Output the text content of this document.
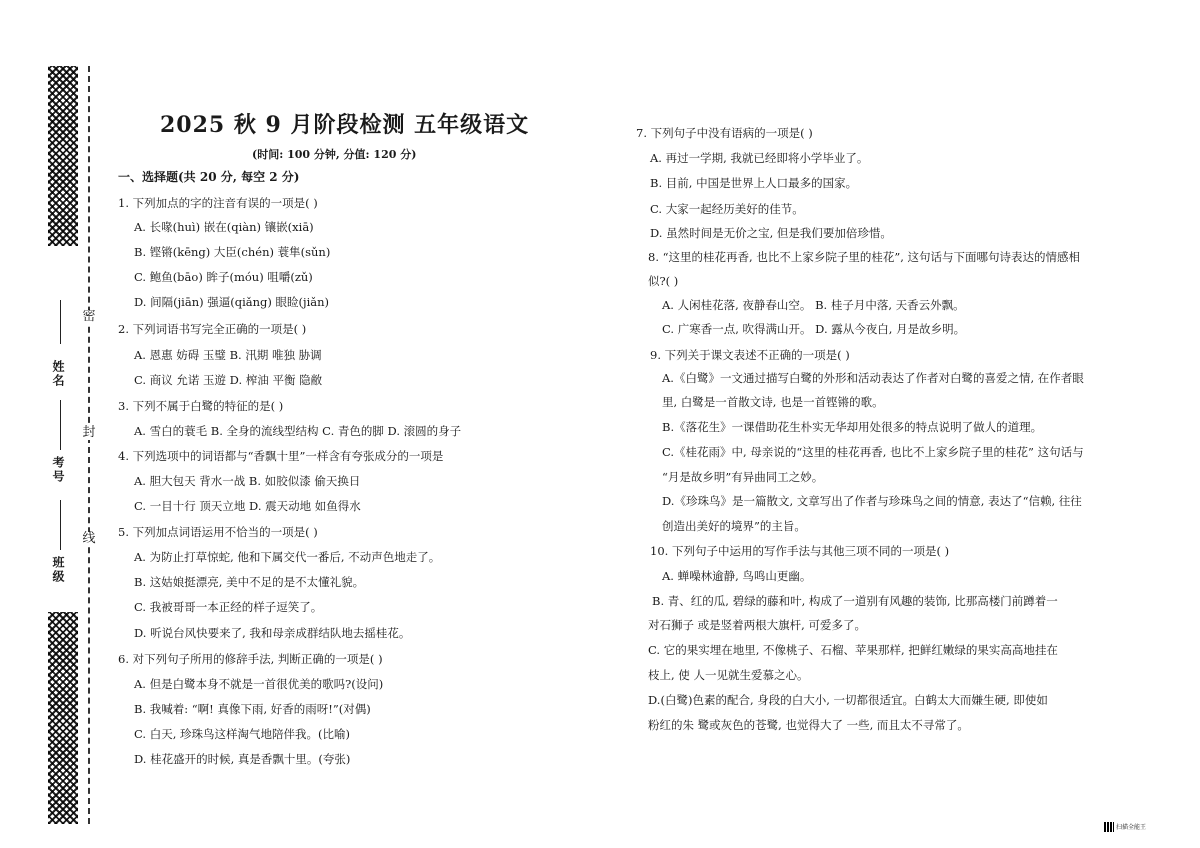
密
封
线
姓名
考号
班级
2025 秋 9 月阶段检测 五年级语文
(时间: 100 分钟, 分值: 120 分)
一、选择题(共 20 分, 每空 2 分)
1. 下列加点的字的注音有误的一项是( )
A. 长喙(huì) 嵌在(qiàn) 镶嵌(xiā)
B. 铿锵(kēng) 大臣(chén) 蓑隼(sǔn)
C. 鲍鱼(bāo) 眸子(móu) 咀嚼(zǔ)
D. 间隔(jiān) 强逼(qiǎng) 眼睑(jiǎn)
2. 下列词语书写完全正确的一项是( )
A. 恩惠 妨碍 玉璧 B. 汛期 唯独 胁调
C. 商议 允诺 玉遊 D. 榨油 平衡 隐敝
3. 下列不属于白鹭的特征的是( )
A. 雪白的蓑毛 B. 全身的流线型结构 C. 青色的脚 D. 滚圆的身子
4. 下列选项中的词语都与“香飘十里”一样含有夸张成分的一项是
A. 胆大包天 背水一战 B. 如胶似漆 偷天换日
C. 一目十行 顶天立地 D. 震天动地 如鱼得水
5. 下列加点词语运用不恰当的一项是( )
A. 为防止打草惊蛇, 他和下属交代一番后, 不动声色地走了。
B. 这姑娘挺漂亮, 美中不足的是不太懂礼貌。
C. 我被哥哥一本正经的样子逗笑了。
D. 听说台风快要来了, 我和母亲成群结队地去摇桂花。
6. 对下列句子所用的修辞手法, 判断正确的一项是( )
A. 但是白鹭本身不就是一首很优美的歌吗?(设问)
B. 我喊着: “啊! 真像下雨, 好香的雨呀!”(对偶)
C. 白天, 珍珠鸟这样淘气地陪伴我。(比喻)
D. 桂花盛开的时候, 真是香飘十里。(夸张)
7. 下列句子中没有语病的一项是( )
A. 再过一学期, 我就已经即将小学毕业了。
B. 目前, 中国是世界上人口最多的国家。
C. 大家一起经历美好的佳节。
D. 虽然时间是无价之宝, 但是我们要加倍珍惜。
8. “这里的桂花再香, 也比不上家乡院子里的桂花”, 这句话与下面哪句诗表达的情感相
似?( )
A. 人闲桂花落, 夜静春山空。 B. 桂子月中落, 天香云外飘。
C. 广寒香一点, 吹得满山开。 D. 露从今夜白, 月是故乡明。
9. 下列关于课文表述不正确的一项是( )
A.《白鹭》一文通过描写白鹭的外形和活动表达了作者对白鹭的喜爱之情, 在作者眼
里, 白鹭是一首散文诗, 也是一首铿锵的歌。
B.《落花生》一课借助花生朴实无华却用处很多的特点说明了做人的道理。
C.《桂花雨》中, 母亲说的“这里的桂花再香, 也比不上家乡院子里的桂花” 这句话与
“月是故乡明”有异曲同工之妙。
D.《珍珠鸟》是一篇散文, 文章写出了作者与珍珠鸟之间的情意, 表达了“信赖, 往往
创造出美好的境界”的主旨。
10. 下列句子中运用的写作手法与其他三项不同的一项是( )
A. 蝉噪林逾静, 鸟鸣山更幽。
B. 青、红的瓜, 碧绿的藤和叶, 构成了一道别有风趣的装饰, 比那高楼门前蹲着一
对石狮子 或是竖着两根大旗杆, 可爱多了。
C. 它的果实埋在地里, 不像桃子、石榴、苹果那样, 把鲜红嫩绿的果实高高地挂在
枝上, 使 人一见就生爱慕之心。
D.(白鹭)色素的配合, 身段的白大小, 一切都很适宜。白鹤太大而嫌生硬, 即使如
粉红的朱 鹭或灰色的苍鹭, 也觉得大了 一些, 而且太不寻常了。
扫描全能王
